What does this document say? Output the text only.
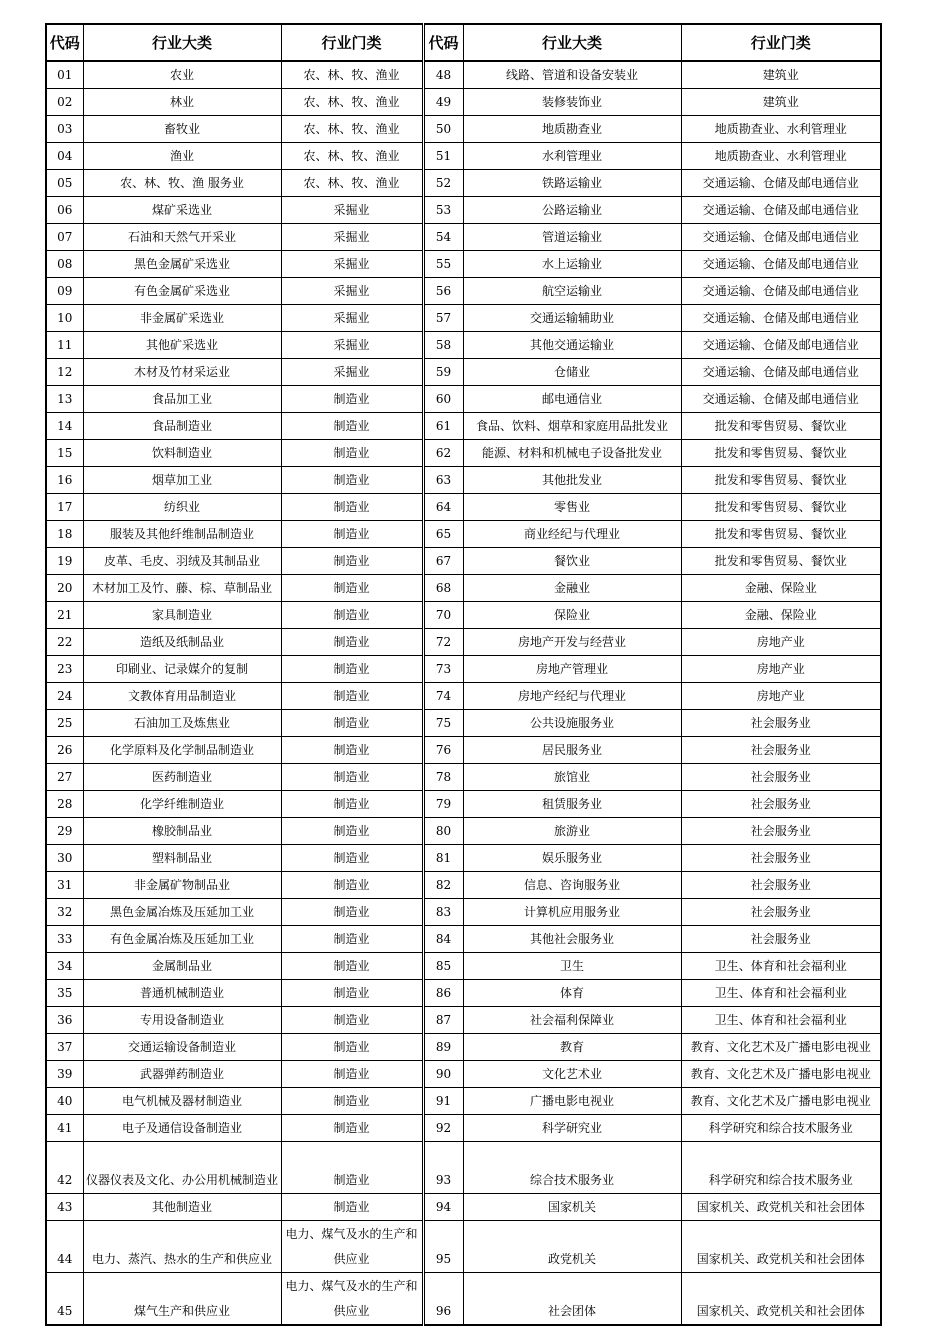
代码	行业大类	行业门类	代码	行业大类	行业门类
01	农业	农、林、牧、渔业	48	线路、管道和设备安装业	建筑业
02	林业	农、林、牧、渔业	49	装修装饰业	建筑业
03	畜牧业	农、林、牧、渔业	50	地质勘查业	地质勘查业、水利管理业
04	渔业	农、林、牧、渔业	51	水利管理业	地质勘查业、水利管理业
05	农、林、牧、渔 服务业	农、林、牧、渔业	52	铁路运输业	交通运输、仓储及邮电通信业
06	煤矿采选业	采掘业	53	公路运输业	交通运输、仓储及邮电通信业
07	石油和天然气开采业	采掘业	54	管道运输业	交通运输、仓储及邮电通信业
08	黑色金属矿采选业	采掘业	55	水上运输业	交通运输、仓储及邮电通信业
09	有色金属矿采选业	采掘业	56	航空运输业	交通运输、仓储及邮电通信业
10	非金属矿采选业	采掘业	57	交通运输辅助业	交通运输、仓储及邮电通信业
11	其他矿采选业	采掘业	58	其他交通运输业	交通运输、仓储及邮电通信业
12	木材及竹材采运业	采掘业	59	仓储业	交通运输、仓储及邮电通信业
13	食品加工业	制造业	60	邮电通信业	交通运输、仓储及邮电通信业
14	食品制造业	制造业	61	食品、饮料、烟草和家庭用品批发业	批发和零售贸易、餐饮业
15	饮料制造业	制造业	62	能源、材料和机械电子设备批发业	批发和零售贸易、餐饮业
16	烟草加工业	制造业	63	其他批发业	批发和零售贸易、餐饮业
17	纺织业	制造业	64	零售业	批发和零售贸易、餐饮业
18	服装及其他纤维制品制造业	制造业	65	商业经纪与代理业	批发和零售贸易、餐饮业
19	皮革、毛皮、羽绒及其制品业	制造业	67	餐饮业	批发和零售贸易、餐饮业
20	木材加工及竹、藤、棕、草制品业	制造业	68	金融业	金融、保险业
21	家具制造业	制造业	70	保险业	金融、保险业
22	造纸及纸制品业	制造业	72	房地产开发与经营业	房地产业
23	印刷业、记录媒介的复制	制造业	73	房地产管理业	房地产业
24	文教体育用品制造业	制造业	74	房地产经纪与代理业	房地产业
25	石油加工及炼焦业	制造业	75	公共设施服务业	社会服务业
26	化学原料及化学制品制造业	制造业	76	居民服务业	社会服务业
27	医药制造业	制造业	78	旅馆业	社会服务业
28	化学纤维制造业	制造业	79	租赁服务业	社会服务业
29	橡胶制品业	制造业	80	旅游业	社会服务业
30	塑料制品业	制造业	81	娱乐服务业	社会服务业
31	非金属矿物制品业	制造业	82	信息、咨询服务业	社会服务业
32	黑色金属冶炼及压延加工业	制造业	83	计算机应用服务业	社会服务业
33	有色金属冶炼及压延加工业	制造业	84	其他社会服务业	社会服务业
34	金属制品业	制造业	85	卫生	卫生、体育和社会福利业
35	普通机械制造业	制造业	86	体育	卫生、体育和社会福利业
36	专用设备制造业	制造业	87	社会福利保障业	卫生、体育和社会福利业
37	交通运输设备制造业	制造业	89	教育	教育、文化艺术及广播电影电视业
39	武器弹药制造业	制造业	90	文化艺术业	教育、文化艺术及广播电影电视业
40	电气机械及器材制造业	制造业	91	广播电影电视业	教育、文化艺术及广播电影电视业
41	电子及通信设备制造业	制造业	92	科学研究业	科学研究和综合技术服务业
42	仪器仪表及文化、办公用机械制造业	制造业	93	综合技术服务业	科学研究和综合技术服务业
43	其他制造业	制造业	94	国家机关	国家机关、政党机关和社会团体
44	电力、蒸汽、热水的生产和供应业	电力、煤气及水的生产和供应业	95	政党机关	国家机关、政党机关和社会团体
45	煤气生产和供应业	电力、煤气及水的生产和供应业	96	社会团体	国家机关、政党机关和社会团体
